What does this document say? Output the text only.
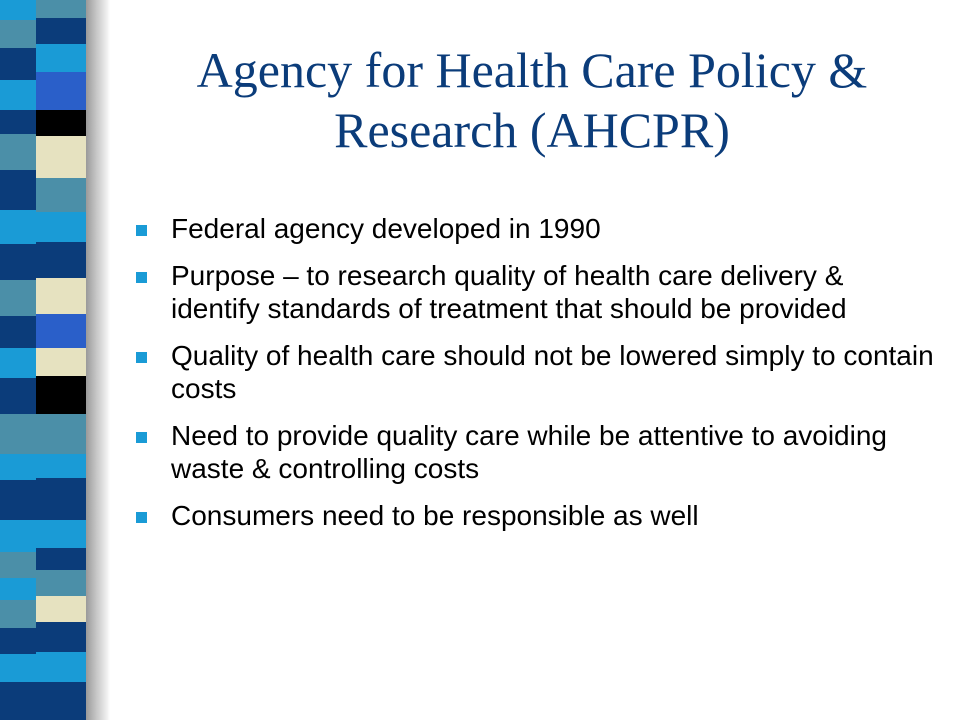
Agency for Health Care Policy &
Research (AHCPR)
Federal agency developed in 1990
Purpose – to research quality of health care delivery & identify standards of treatment that should be provided
Quality of health care should not be lowered simply to contain costs
Need to provide quality care while be attentive to avoiding waste & controlling costs
Consumers need to be responsible as well
